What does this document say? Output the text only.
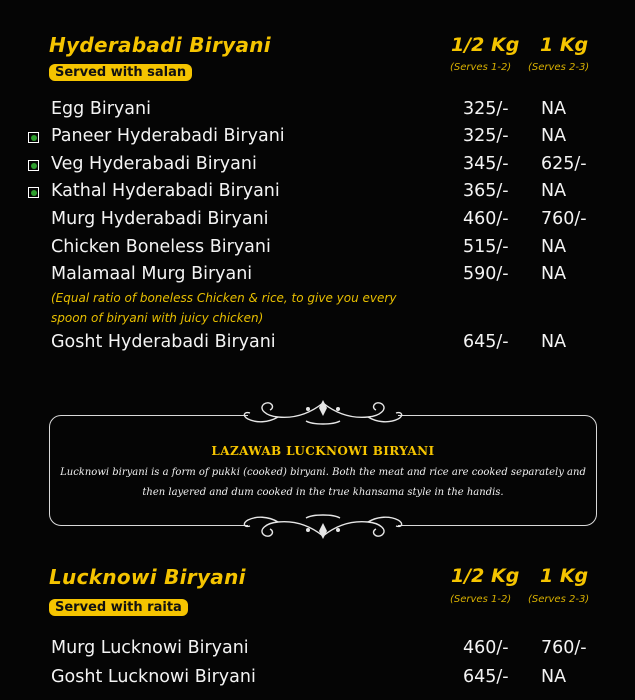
Hyderabadi Biryani
Served with salan
1/2 Kg
(Serves 1-2)
1 Kg
(Serves 2-3)
Egg Biryani	325/- NA
Paneer Hyderabadi Biryani	325/- NA
Veg Hyderabadi Biryani	345/- 625/-
Kathal Hyderabadi Biryani	365/- NA
Murg Hyderabadi Biryani	460/- 760/-
Chicken Boneless Biryani	515/- NA
Malamaal Murg Biryani	590/- NA
(Equal ratio of boneless Chicken & rice, to give you every
spoon of biryani with juicy chicken)
Gosht Hyderabadi Biryani	645/- NA
LAZAWAB LUCKNOWI BIRYANI
Lucknowi biryani is a form of pukki (cooked) biryani. Both the meat and rice are cooked separately and
then layered and dum cooked in the true khansama style in the handis.
Lucknowi Biryani
Served with raita
1/2 Kg
(Serves 1-2)
1 Kg
(Serves 2-3)
Murg Lucknowi Biryani	460/- 760/-
Gosht Lucknowi Biryani	645/- NA
